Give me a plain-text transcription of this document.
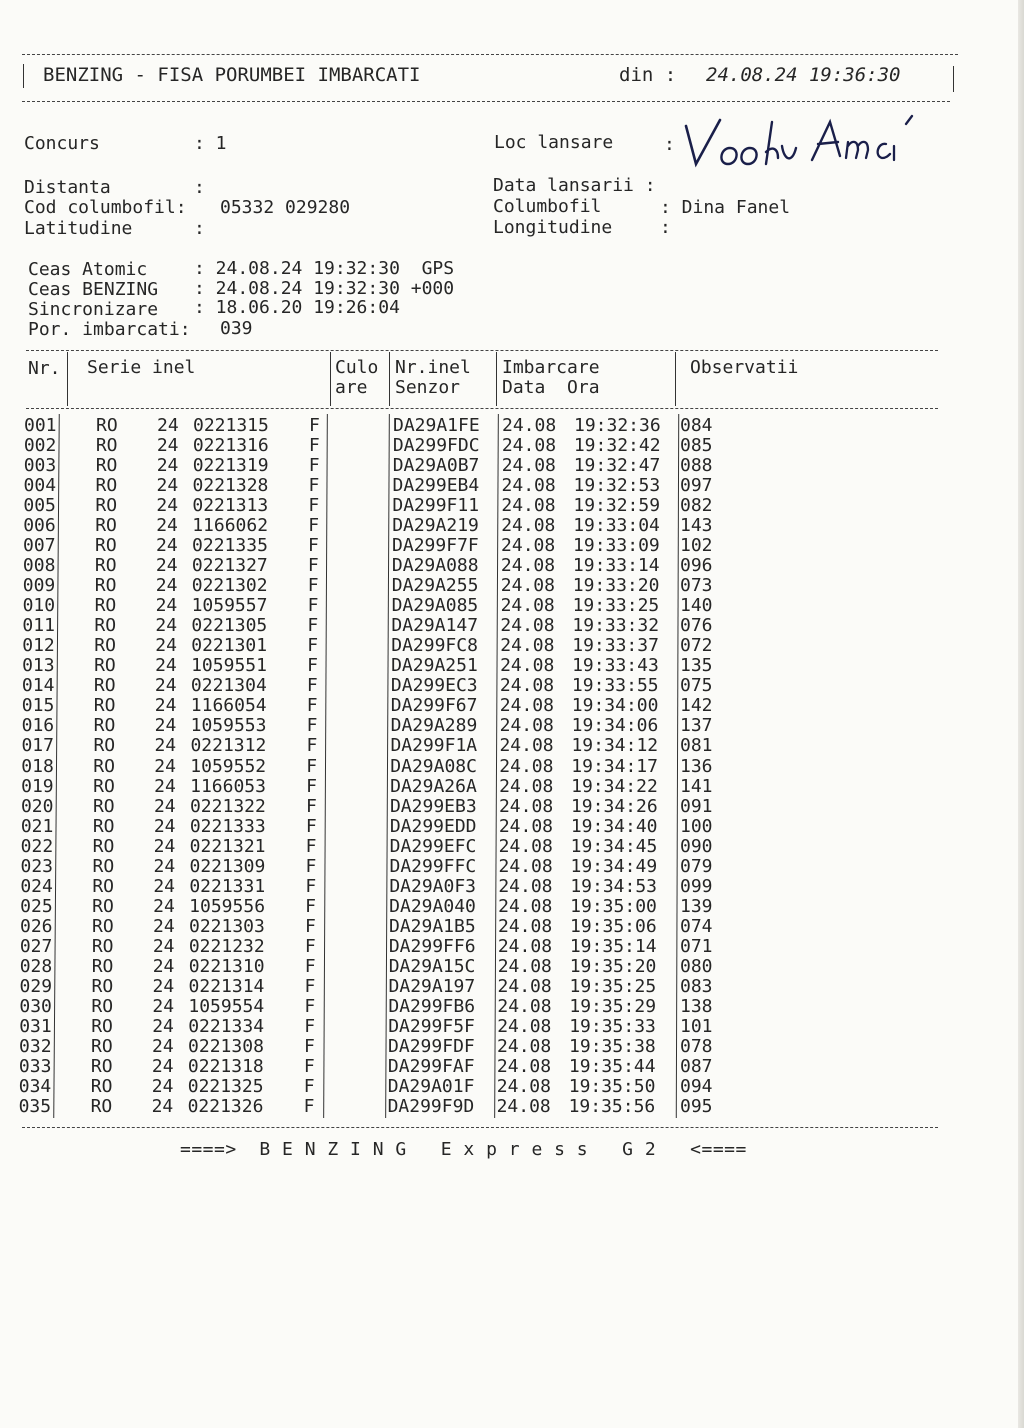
BENZING - FISA PORUMBEI IMBARCATI	din : 24.08.24 19:36:30
Concurs	: 1	Loc lansare	:
Distanta	:
Cod columbofil: 05332 029280
Latitudine	:
Data lansarii :
Columbofil	: Dina Fanel
Longitudine	:
Ceas Atomic	: 24.08.24 19:32:30  GPS
Ceas BENZING : 24.08.24 19:32:30 +000
Sincronizare : 18.06.20 19:26:04
Por. imbarcati: 039
Nr. Serie inel	Culo
are
Nr.inel
Senzor
Imbarcare
Data  Ora
Observatii
001 RO 24 0221315 F	DA29A1FE 24.08 19:32:36 084
002 RO 24 0221316 F	DA299FDC 24.08 19:32:42 085
003 RO 24 0221319 F	DA29A0B7 24.08 19:32:47 088
004 RO 24 0221328 F	DA299EB4 24.08 19:32:53 097
005 RO 24 0221313 F	DA299F11 24.08 19:32:59 082
006 RO 24 1166062 F	DA29A219 24.08 19:33:04 143
007 RO 24 0221335 F	DA299F7F 24.08 19:33:09 102
008 RO 24 0221327 F	DA29A088 24.08 19:33:14 096
009 RO 24 0221302 F	DA29A255 24.08 19:33:20 073
010 RO 24 1059557 F	DA29A085 24.08 19:33:25 140
011 RO 24 0221305 F	DA29A147 24.08 19:33:32 076
012 RO 24 0221301 F	DA299FC8 24.08 19:33:37 072
013 RO 24 1059551 F	DA29A251 24.08 19:33:43 135
014 RO 24 0221304 F	DA299EC3 24.08 19:33:55 075
015 RO 24 1166054 F	DA299F67 24.08 19:34:00 142
016 RO 24 1059553 F	DA29A289 24.08 19:34:06 137
017 RO 24 0221312 F	DA299F1A 24.08 19:34:12 081
018 RO 24 1059552 F	DA29A08C 24.08 19:34:17 136
019 RO 24 1166053 F	DA29A26A 24.08 19:34:22 141
020 RO 24 0221322 F	DA299EB3 24.08 19:34:26 091
021 RO 24 0221333 F	DA299EDD 24.08 19:34:40 100
022 RO 24 0221321 F	DA299EFC 24.08 19:34:45 090
023 RO 24 0221309 F	DA299FFC 24.08 19:34:49 079
024 RO 24 0221331 F	DA29A0F3 24.08 19:34:53 099
025 RO 24 1059556 F	DA29A040 24.08 19:35:00 139
026 RO 24 0221303 F	DA29A1B5 24.08 19:35:06 074
027 RO 24 0221232 F	DA299FF6 24.08 19:35:14 071
028 RO 24 0221310 F	DA29A15C 24.08 19:35:20 080
029 RO 24 0221314 F	DA29A197 24.08 19:35:25 083
030 RO 24 1059554 F	DA299FB6 24.08 19:35:29 138
031 RO 24 0221334 F	DA299F5F 24.08 19:35:33 101
032 RO 24 0221308 F	DA299FDF 24.08 19:35:38 078
033 RO 24 0221318 F	DA299FAF 24.08 19:35:44 087
034 RO 24 0221325 F	DA29A01F 24.08 19:35:50 094
035 RO 24 0221326 F	DA299F9D 24.08 19:35:56 095
====>  B E N Z I N G   E x p r e s s   G 2   <====
